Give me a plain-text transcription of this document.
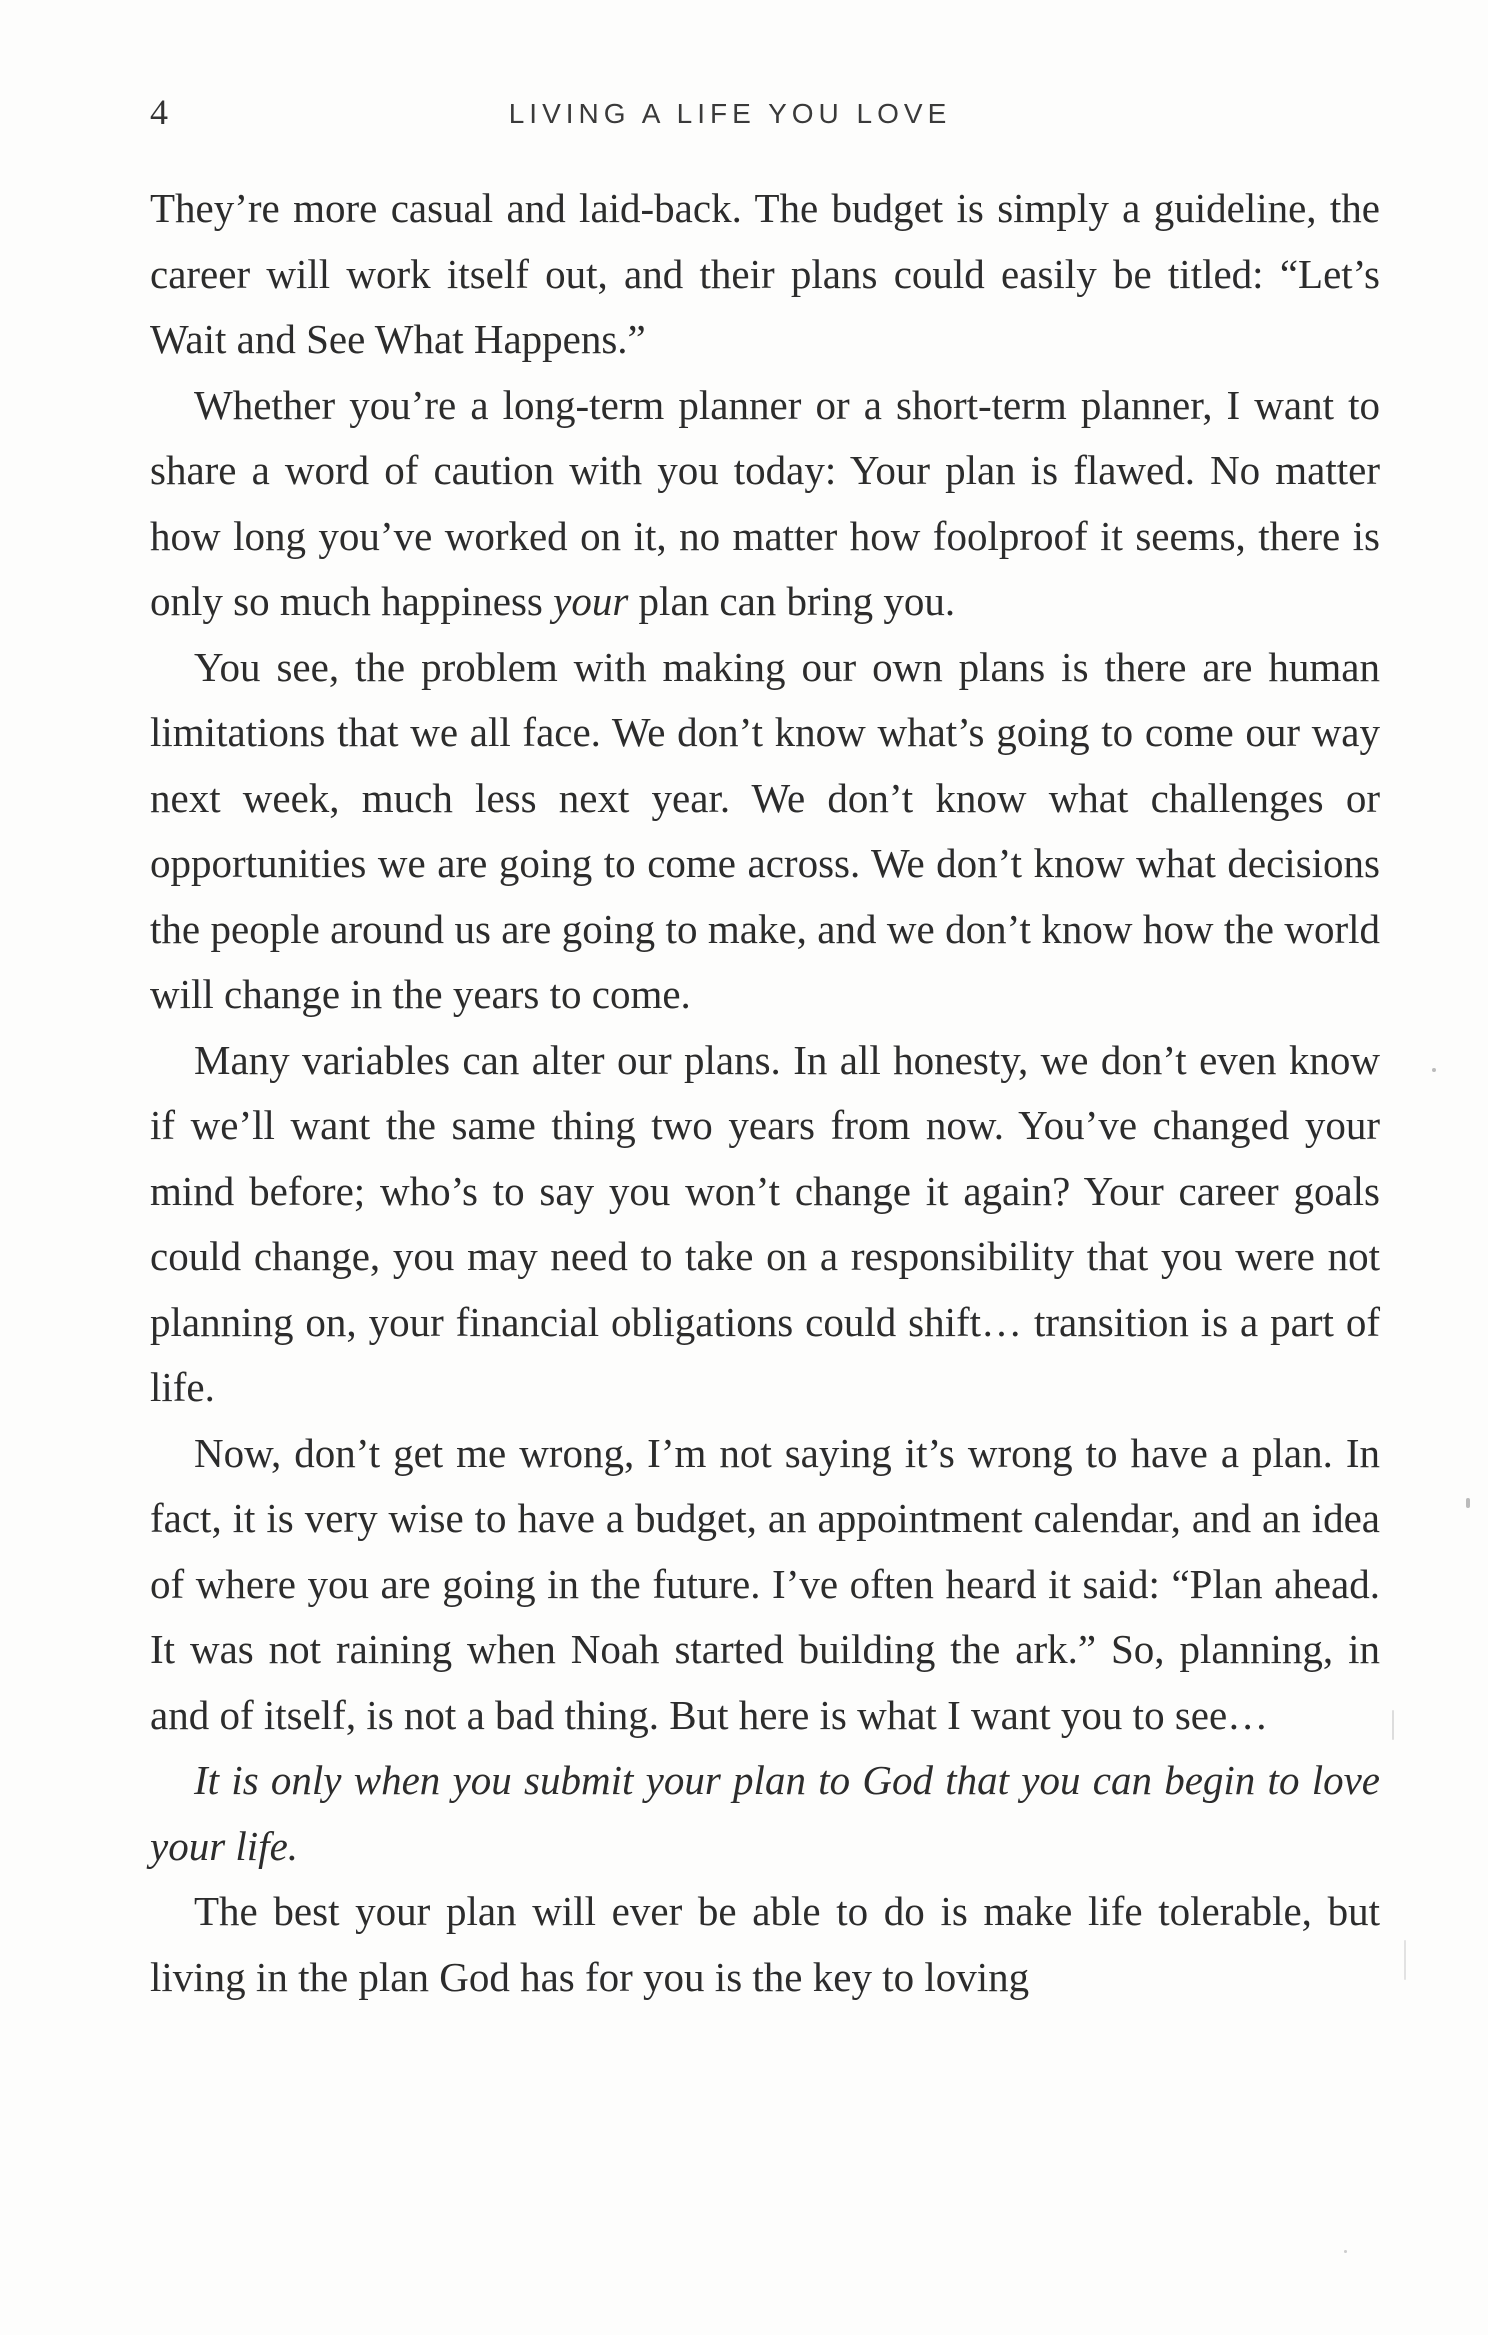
4	LIVING A LIFE YOU LOVE

They’re more casual and laid-back. The budget is simply a guideline, the career will work itself out, and their plans could easily be titled: “Let’s Wait and See What Happens.”

Whether you’re a long-term planner or a short-term planner, I want to share a word of caution with you today: Your plan is flawed. No matter how long you’ve worked on it, no matter how foolproof it seems, there is only so much happiness your plan can bring you.

You see, the problem with making our own plans is there are human limitations that we all face. We don’t know what’s going to come our way next week, much less next year. We don’t know what challenges or opportunities we are going to come across. We don’t know what decisions the people around us are going to make, and we don’t know how the world will change in the years to come.

Many variables can alter our plans. In all honesty, we don’t even know if we’ll want the same thing two years from now. You’ve changed your mind before; who’s to say you won’t change it again? Your career goals could change, you may need to take on a responsibility that you were not planning on, your financial obligations could shift… transition is a part of life.

Now, don’t get me wrong, I’m not saying it’s wrong to have a plan. In fact, it is very wise to have a budget, an appointment calendar, and an idea of where you are going in the future. I’ve often heard it said: “Plan ahead. It was not raining when Noah started building the ark.” So, planning, in and of itself, is not a bad thing. But here is what I want you to see…

It is only when you submit your plan to God that you can begin to love your life.

The best your plan will ever be able to do is make life tolerable, but living in the plan God has for you is the key to loving
